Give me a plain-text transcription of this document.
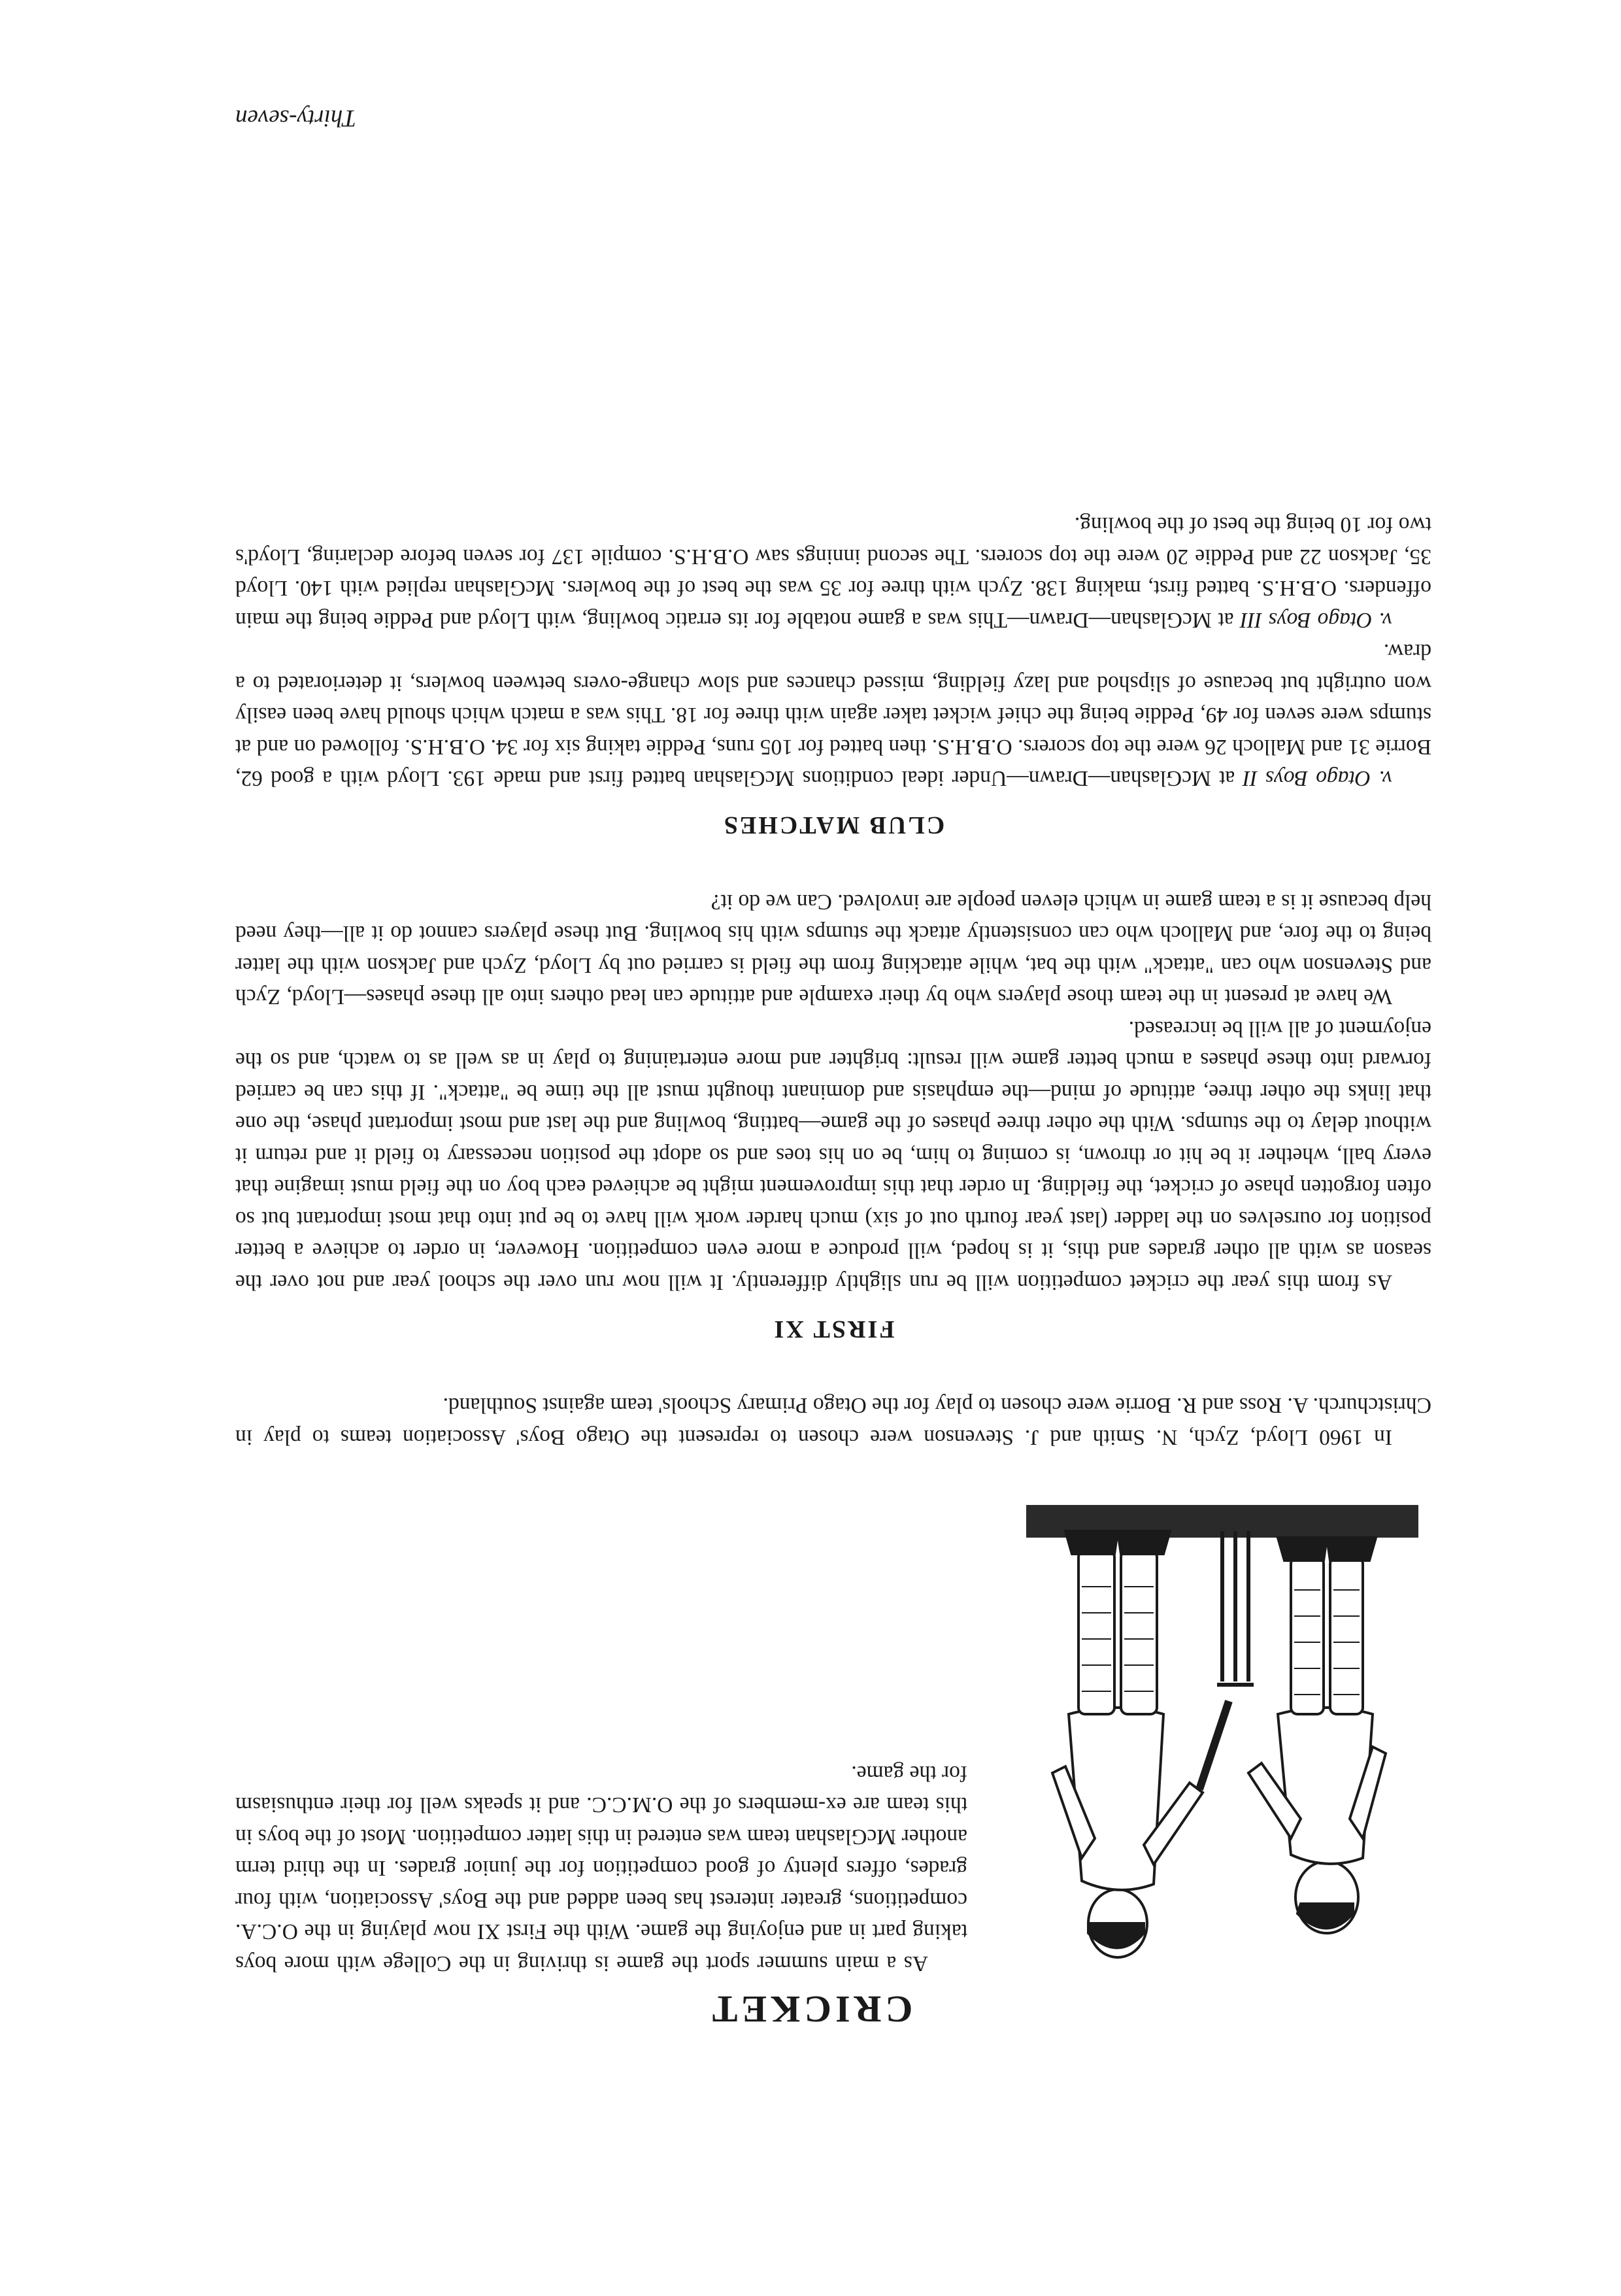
CRICKET

As a main summer sport the game is thriving in the College with more boys taking part in and enjoying the game. With the First XI now playing in the O.C.A. competitions, greater interest has been added and the Boys' Association, with four grades, offers plenty of good competition for the junior grades. In the third term another McGlashan team was entered in this latter competition. Most of the boys in this team are ex-members of the O.M.C.C. and it speaks well for their enthusiasm for the game.

In 1960 Lloyd, Zych, N. Smith and J. Stevenson were chosen to represent the Otago Boys' Association teams to play in Christchurch. A. Ross and R. Borrie were chosen to play for the Otago Primary Schools' team against Southland.

FIRST XI

As from this year the cricket competition will be run slightly differently. It will now run over the school year and not over the season as with all other grades and this, it is hoped, will produce a more even competition. However, in order to achieve a better position for ourselves on the ladder (last year fourth out of six) much harder work will have to be put into that most important but so often forgotten phase of cricket, the fielding. In order that this improvement might be achieved each boy on the field must imagine that every ball, whether it be hit or thrown, is coming to him, be on his toes and so adopt the position necessary to field it and return it without delay to the stumps. With the other three phases of the game—batting, bowling and the last and most important phase, the one that links the other three, attitude of mind—the emphasis and dominant thought must all the time be "attack". If this can be carried forward into these phases a much better game will result: brighter and more entertaining to play in as well as to watch, and so the enjoyment of all will be increased.

We have at present in the team those players who by their example and attitude can lead others into all these phases—Lloyd, Zych and Stevenson who can "attack" with the bat, while attacking from the field is carried out by Lloyd, Zych and Jackson with the latter being to the fore, and Malloch who can consistently attack the stumps with his bowling. But these players cannot do it all—they need help because it is a team game in which eleven people are involved. Can we do it?

CLUB MATCHES

v. Otago Boys II at McGlashan—Drawn—Under ideal conditions McGlashan batted first and made 193. Lloyd with a good 62, Borrie 31 and Malloch 26 were the top scorers. O.B.H.S. then batted for 105 runs, Peddie taking six for 34. O.B.H.S. followed on and at stumps were seven for 49, Peddie being the chief wicket taker again with three for 18. This was a match which should have been easily won outright but because of slipshod and lazy fielding, missed chances and slow change-overs between bowlers, it deteriorated to a draw.

v. Otago Boys III at McGlashan—Drawn—This was a game notable for its erratic bowling, with Lloyd and Peddie being the main offenders. O.B.H.S. batted first, making 138. Zych with three for 35 was the best of the bowlers. McGlashan replied with 140. Lloyd 35, Jackson 22 and Peddie 20 were the top scorers. The second innings saw O.B.H.S. compile 137 for seven before declaring, Lloyd's two for 10 being the best of the bowling.

Thirty-seven
